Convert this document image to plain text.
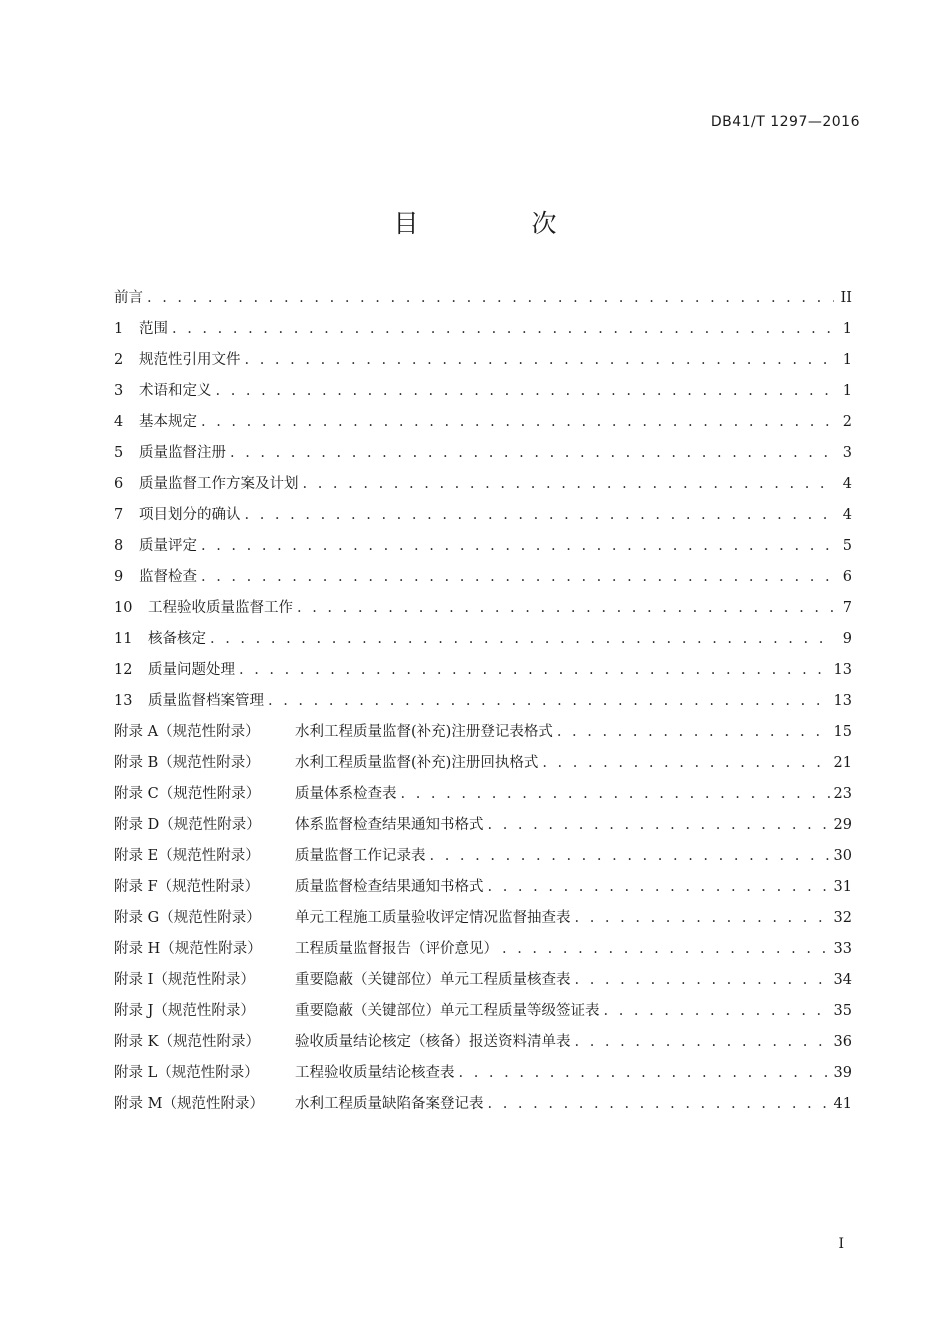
DB41/T 1297—2016
目　次
前言 . . .	II
1	范围 . . .	1
2	规范性引用文件 . . .	1
3	术语和定义 . . .	1
4	基本规定 . . .	2
5	质量监督注册 . . .	3
6	质量监督工作方案及计划 . . .	4
7	项目划分的确认 . . .	4
8	质量评定 . . .	5
9	监督检查 . . .	6
10	工程验收质量监督工作 . . .	7
11	核备核定 . . .	9
12	质量问题处理 . . .	13
13	质量监督档案管理 . . .	13
附录 A（规范性附录）	水利工程质量监督(补充)注册登记表格式 . . .	15
附录 B（规范性附录）	水利工程质量监督(补充)注册回执格式 . . .	21
附录 C（规范性附录）	质量体系检查表 . . .	23
附录 D（规范性附录）	体系监督检查结果通知书格式 . . .	29
附录 E（规范性附录）	质量监督工作记录表 . . .	30
附录 F（规范性附录）	质量监督检查结果通知书格式 . . .	31
附录 G（规范性附录）	单元工程施工质量验收评定情况监督抽查表 . . .	32
附录 H（规范性附录）	工程质量监督报告（评价意见） . . .	33
附录 I（规范性附录）	重要隐蔽（关键部位）单元工程质量核查表 . . .	34
附录 J（规范性附录）	重要隐蔽（关键部位）单元工程质量等级签证表 . . .	35
附录 K（规范性附录）	验收质量结论核定（核备）报送资料清单表 . . .	36
附录 L（规范性附录）	工程验收质量结论核查表 . . .	39
附录 M（规范性附录）	水利工程质量缺陷备案登记表 . . .	41
I
